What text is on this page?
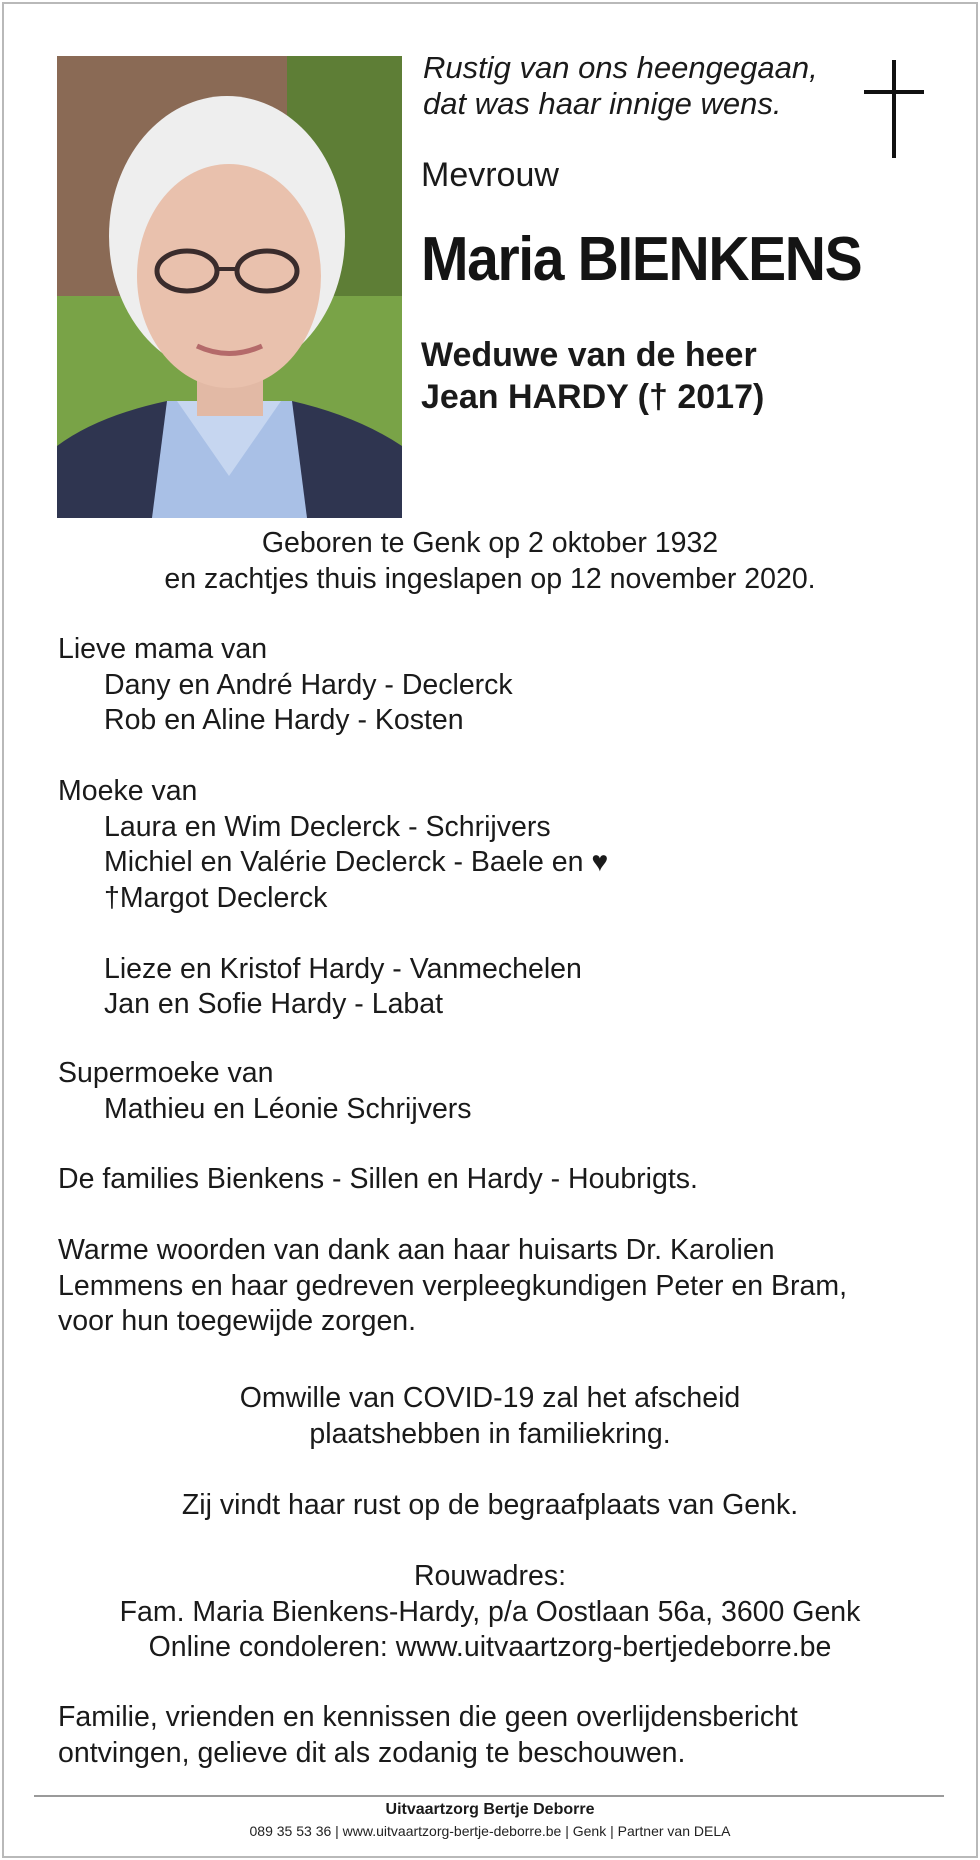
Rustig van ons heengegaan,
dat was haar innige wens.
Mevrouw
Maria BIENKENS
Weduwe van de heer
Jean HARDY († 2017)
Geboren te Genk op 2 oktober 1932
en zachtjes thuis ingeslapen op 12 november 2020.
Lieve mama van
Dany en André Hardy - Declerck
Rob en Aline Hardy - Kosten
Moeke van
Laura en Wim Declerck - Schrijvers
Michiel en Valérie Declerck - Baele en ♥
†Margot Declerck
Lieze en Kristof Hardy - Vanmechelen
Jan en Sofie Hardy - Labat
Supermoeke van
Mathieu en Léonie Schrijvers
De families Bienkens - Sillen en Hardy - Houbrigts.
Warme woorden van dank aan haar huisarts Dr. Karolien
Lemmens en haar gedreven verpleegkundigen Peter en Bram,
voor hun toegewijde zorgen.
Omwille van COVID-19 zal het afscheid
plaatshebben in familiekring.
Zij vindt haar rust op de begraafplaats van Genk.
Rouwadres:
Fam. Maria Bienkens-Hardy, p/a Oostlaan 56a, 3600 Genk
Online condoleren: www.uitvaartzorg-bertjedeborre.be
Familie, vrienden en kennissen die geen overlijdensbericht
ontvingen, gelieve dit als zodanig te beschouwen.
Uitvaartzorg Bertje Deborre
089 35 53 36 | www.uitvaartzorg-bertje-deborre.be | Genk | Partner van DELA
